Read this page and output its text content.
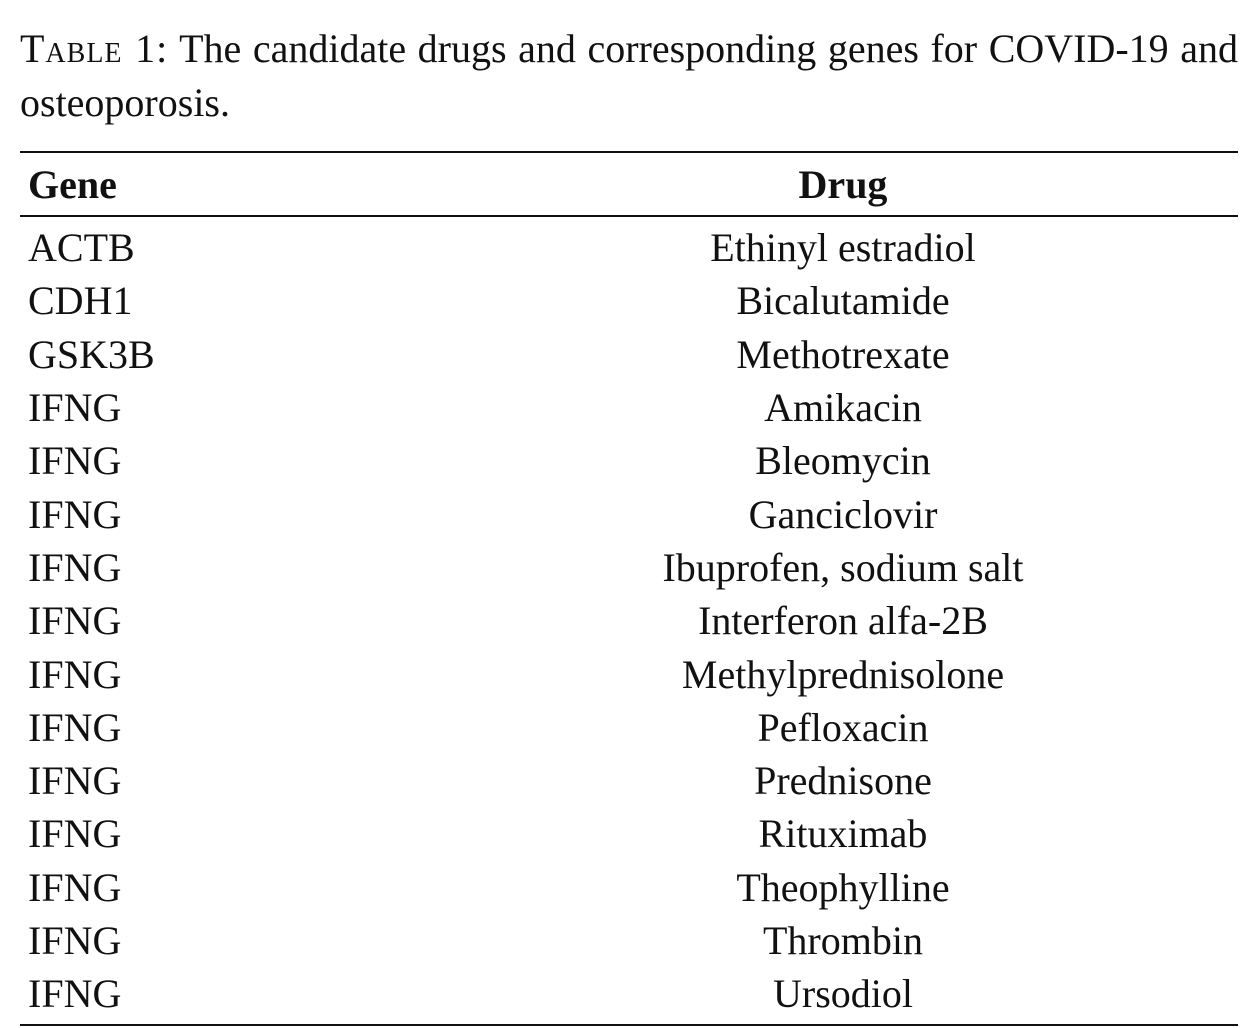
Table 1: The candidate drugs and corresponding genes for COVID-19 and osteoporosis.
Gene	Drug
ACTB	Ethinyl estradiol
CDH1	Bicalutamide
GSK3B	Methotrexate
IFNG	Amikacin
IFNG	Bleomycin
IFNG	Ganciclovir
IFNG	Ibuprofen, sodium salt
IFNG	Interferon alfa-2B
IFNG	Methylprednisolone
IFNG	Pefloxacin
IFNG	Prednisone
IFNG	Rituximab
IFNG	Theophylline
IFNG	Thrombin
IFNG	Ursodiol
